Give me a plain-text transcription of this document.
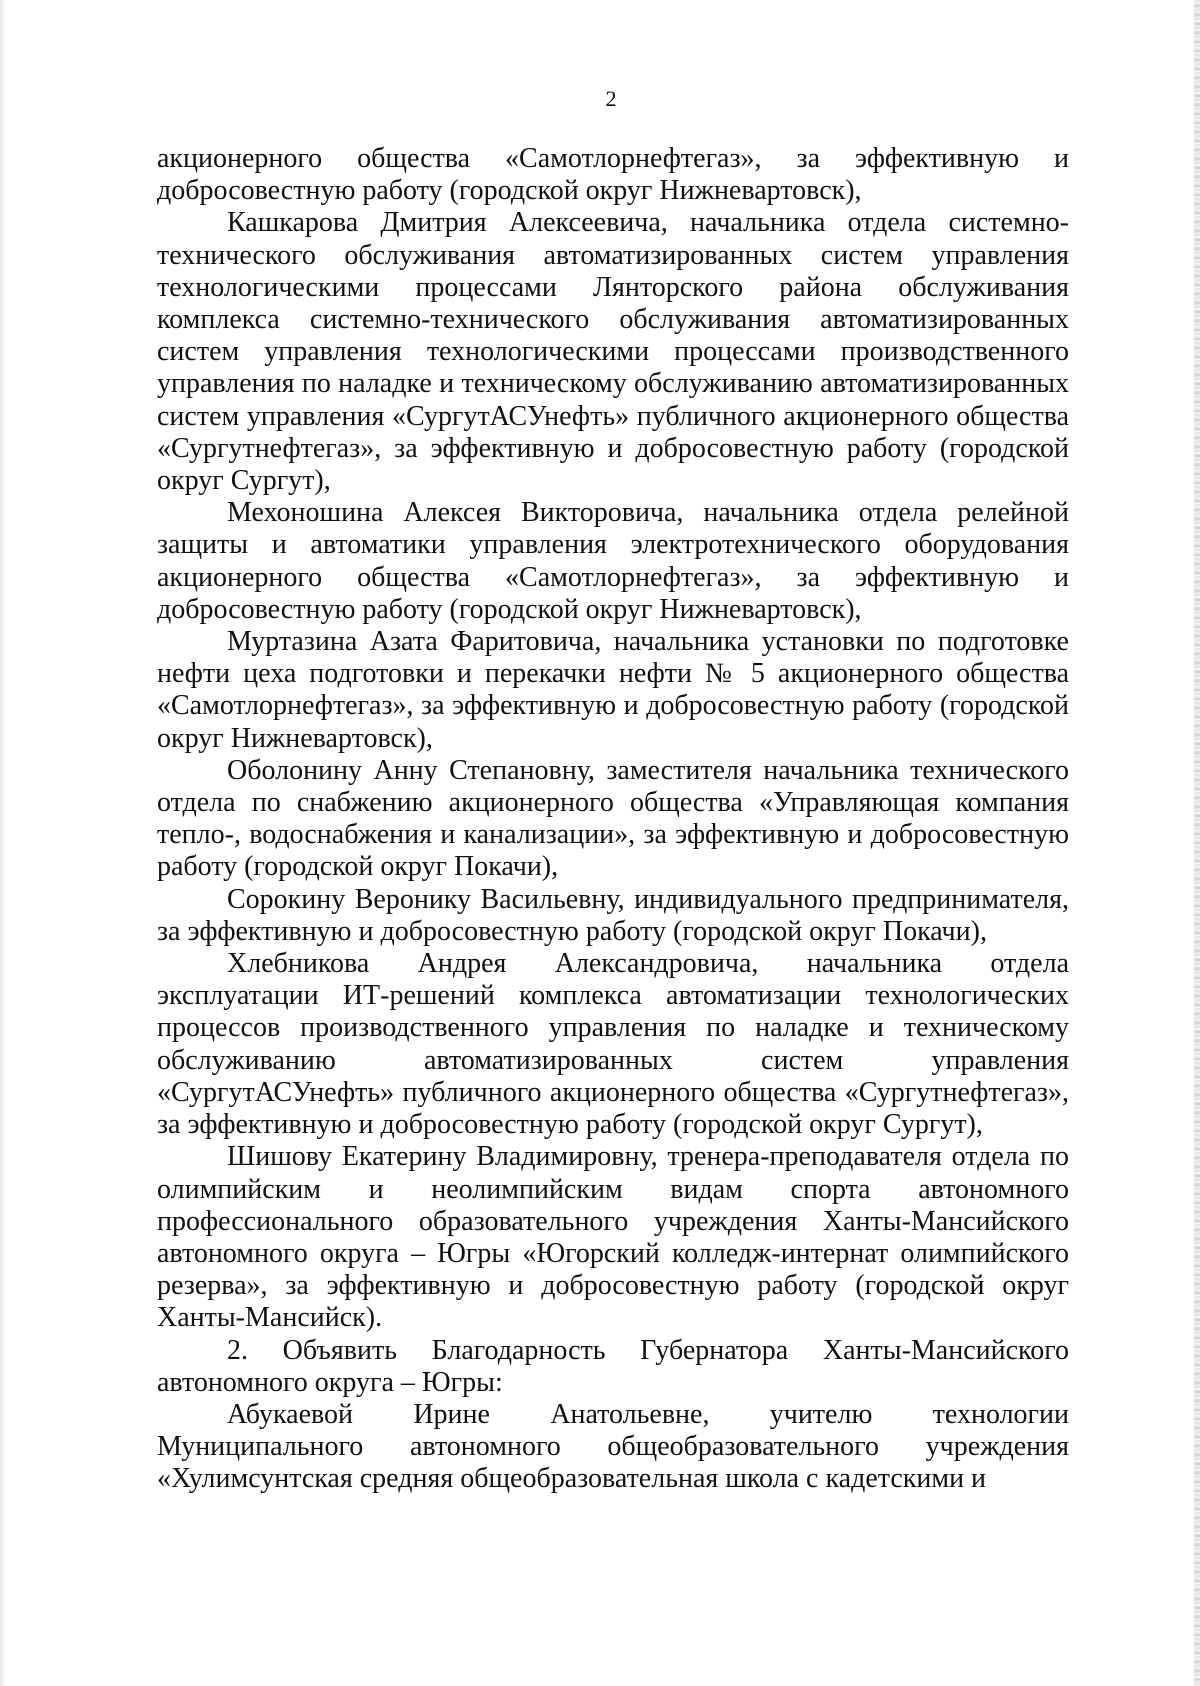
2

акционерного общества «Самотлорнефтегаз», за эффективную и добросовестную работу (городской округ Нижневартовск),

Кашкарова Дмитрия Алексеевича, начальника отдела системно-технического обслуживания автоматизированных систем управления технологическими процессами Лянторского района обслуживания комплекса системно-технического обслуживания автоматизированных систем управления технологическими процессами производственного управления по наладке и техническому обслуживанию автоматизированных систем управления «СургутАСУнефть» публичного акционерного общества «Сургутнефтегаз», за эффективную и добросовестную работу (городской округ Сургут),

Мехоношина Алексея Викторовича, начальника отдела релейной защиты и автоматики управления электротехнического оборудования акционерного общества «Самотлорнефтегаз», за эффективную и добросовестную работу (городской округ Нижневартовск),

Муртазина Азата Фаритовича, начальника установки по подготовке нефти цеха подготовки и перекачки нефти № 5 акционерного общества «Самотлорнефтегаз», за эффективную и добросовестную работу (городской округ Нижневартовск),

Оболонину Анну Степановну, заместителя начальника технического отдела по снабжению акционерного общества «Управляющая компания тепло-, водоснабжения и канализации», за эффективную и добросовестную работу (городской округ Покачи),

Сорокину Веронику Васильевну, индивидуального предпринимателя, за эффективную и добросовестную работу (городской округ Покачи),

Хлебникова Андрея Александровича, начальника отдела эксплуатации ИТ-решений комплекса автоматизации технологических процессов производственного управления по наладке и техническому обслуживанию автоматизированных систем управления «СургутАСУнефть» публичного акционерного общества «Сургутнефтегаз», за эффективную и добросовестную работу (городской округ Сургут),

Шишову Екатерину Владимировну, тренера-преподавателя отдела по олимпийским и неолимпийским видам спорта автономного профессионального образовательного учреждения Ханты-Мансийского автономного округа – Югры «Югорский колледж-интернат олимпийского резерва», за эффективную и добросовестную работу (городской округ Ханты-Мансийск).

2. Объявить Благодарность Губернатора Ханты-Мансийского автономного округа – Югры:

Абукаевой Ирине Анатольевне, учителю технологии Муниципального автономного общеобразовательного учреждения «Хулимсунтская средняя общеобразовательная школа с кадетскими и
